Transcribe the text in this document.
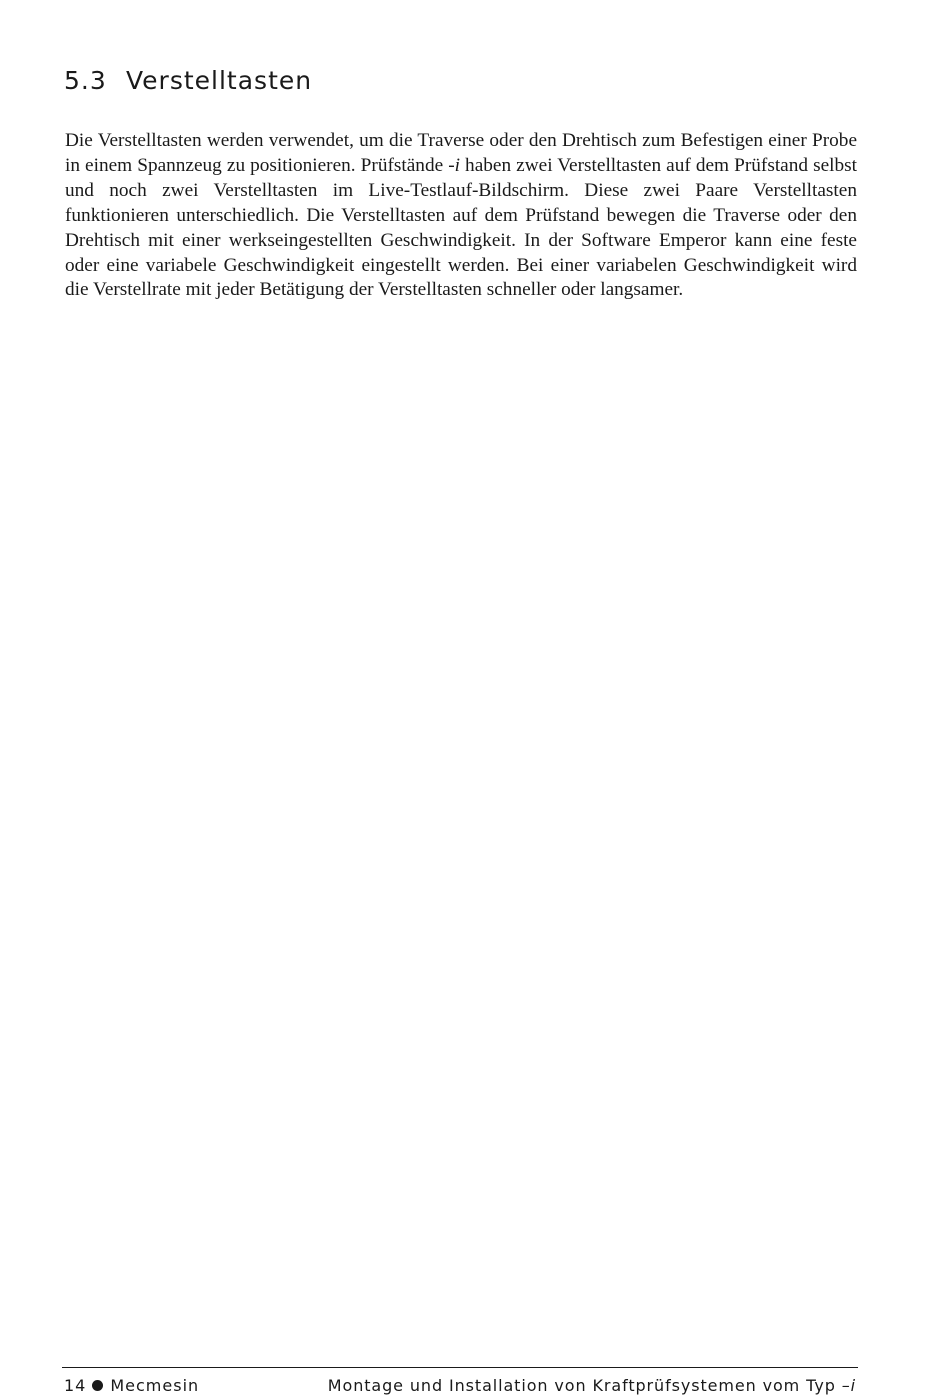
5.3 Verstelltasten

Die Verstelltasten werden verwendet, um die Traverse oder den Drehtisch zum Befestigen einer Probe in einem Spannzeug zu positionieren. Prüfstände -i haben zwei Verstelltasten auf dem Prüfstand selbst und noch zwei Verstelltasten im Live-Testlauf-Bildschirm. Diese zwei Paare Verstelltasten funktionieren unterschiedlich. Die Verstelltasten auf dem Prüfstand bewegen die Traverse oder den Drehtisch mit einer werkseingestellten Geschwindigkeit. In der Software Emperor kann eine feste oder eine variabele Geschwindigkeit eingestellt werden. Bei einer variabelen Geschwindigkeit wird die Verstellrate mit jeder Betätigung der Verstelltasten schneller oder langsamer.

14 Mecmesin	Montage und Installation von Kraftprüfsystemen vom Typ –i
